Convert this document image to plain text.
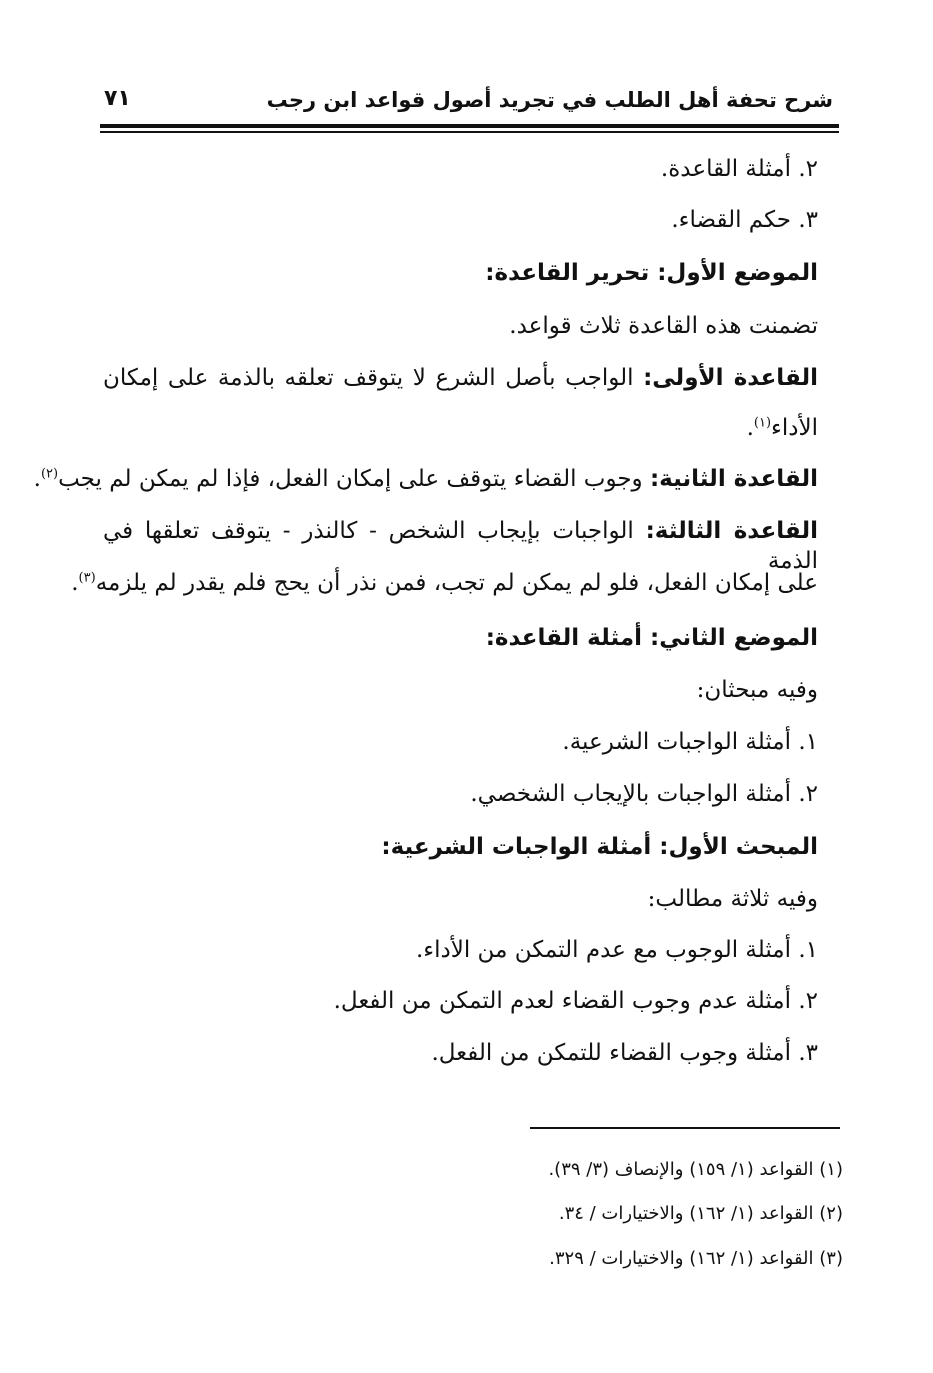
شرح تحفة أهل الطلب في تجريد أصول قواعد ابن رجب
٧١
٢. أمثلة القاعدة.
٣. حكم القضاء.
الموضع الأول: تحرير القاعدة:
تضمنت هذه القاعدة ثلاث قواعد.
القاعدة الأولى: الواجب بأصل الشرع لا يتوقف تعلقه بالذمة على إمكان
الأداء$^{(١)}$.
القاعدة الثانية: وجوب القضاء يتوقف على إمكان الفعل، فإذا لم يمكن لم يجب$^{(٢)}$.
القاعدة الثالثة: الواجبات بإيجاب الشخص - كالنذر - يتوقف تعلقها في الذمة
على إمكان الفعل، فلو لم يمكن لم تجب، فمن نذر أن يحج فلم يقدر لم يلزمه$^{(٣)}$.
الموضع الثاني: أمثلة القاعدة:
وفيه مبحثان:
١. أمثلة الواجبات الشرعية.
٢. أمثلة الواجبات بالإيجاب الشخصي.
المبحث الأول: أمثلة الواجبات الشرعية:
وفيه ثلاثة مطالب:
١. أمثلة الوجوب مع عدم التمكن من الأداء.
٢. أمثلة عدم وجوب القضاء لعدم التمكن من الفعل.
٣. أمثلة وجوب القضاء للتمكن من الفعل.
(١) القواعد (١/ ١٥٩) والإنصاف (٣/ ٣٩).
(٢) القواعد (١/ ١٦٢) والاختيارات / ٣٤.
(٣) القواعد (١/ ١٦٢) والاختيارات / ٣٢٩.
